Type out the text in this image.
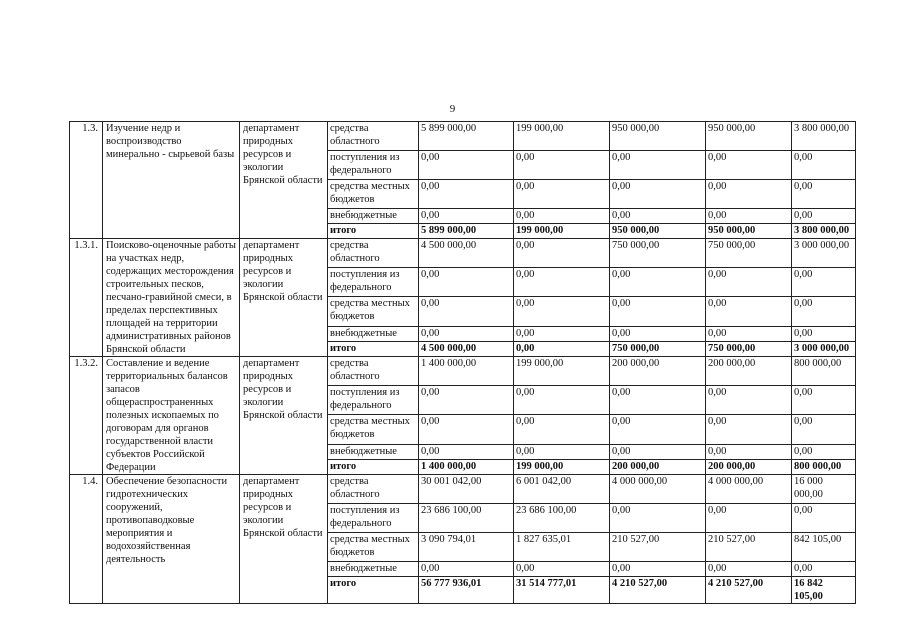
9
1.3.	Изучение недр и воспроизводство минерально - сырьевой базы	департамент природных ресурсов и экологии Брянской области	средства областного	5 899 000,00	199 000,00	950 000,00	950 000,00	3 800 000,00
			поступления из федерального	0,00	0,00	0,00	0,00	0,00
			средства местных бюджетов	0,00	0,00	0,00	0,00	0,00
			внебюджетные	0,00	0,00	0,00	0,00	0,00
			итого	5 899 000,00	199 000,00	950 000,00	950 000,00	3 800 000,00
1.3.1.	Поисково-оценочные работы на участках недр, содержащих месторождения строительных песков, песчано-гравийной смеси, в пределах перспективных площадей на территории административных районов Брянской области	департамент природных ресурсов и экологии Брянской области	средства областного	4 500 000,00	0,00	750 000,00	750 000,00	3 000 000,00
			поступления из федерального	0,00	0,00	0,00	0,00	0,00
			средства местных бюджетов	0,00	0,00	0,00	0,00	0,00
			внебюджетные	0,00	0,00	0,00	0,00	0,00
			итого	4 500 000,00	0,00	750 000,00	750 000,00	3 000 000,00
1.3.2.	Составление и ведение территориальных балансов запасов общераспространенных полезных ископаемых по договорам для органов государственной власти субъектов Российской Федерации	департамент природных ресурсов и экологии Брянской области	средства областного	1 400 000,00	199 000,00	200 000,00	200 000,00	800 000,00
			поступления из федерального	0,00	0,00	0,00	0,00	0,00
			средства местных бюджетов	0,00	0,00	0,00	0,00	0,00
			внебюджетные	0,00	0,00	0,00	0,00	0,00
			итого	1 400 000,00	199 000,00	200 000,00	200 000,00	800 000,00
1.4.	Обеспечение безопасности гидротехнических сооружений, противопаводковые мероприятия и водохозяйственная деятельность	департамент природных ресурсов и экологии Брянской области	средства областного	30 001 042,00	6 001 042,00	4 000 000,00	4 000 000,00	16 000 000,00
			поступления из федерального	23 686 100,00	23 686 100,00	0,00	0,00	0,00
			средства местных бюджетов	3 090 794,01	1 827 635,01	210 527,00	210 527,00	842 105,00
			внебюджетные	0,00	0,00	0,00	0,00	0,00
			итого	56 777 936,01	31 514 777,01	4 210 527,00	4 210 527,00	16 842 105,00
